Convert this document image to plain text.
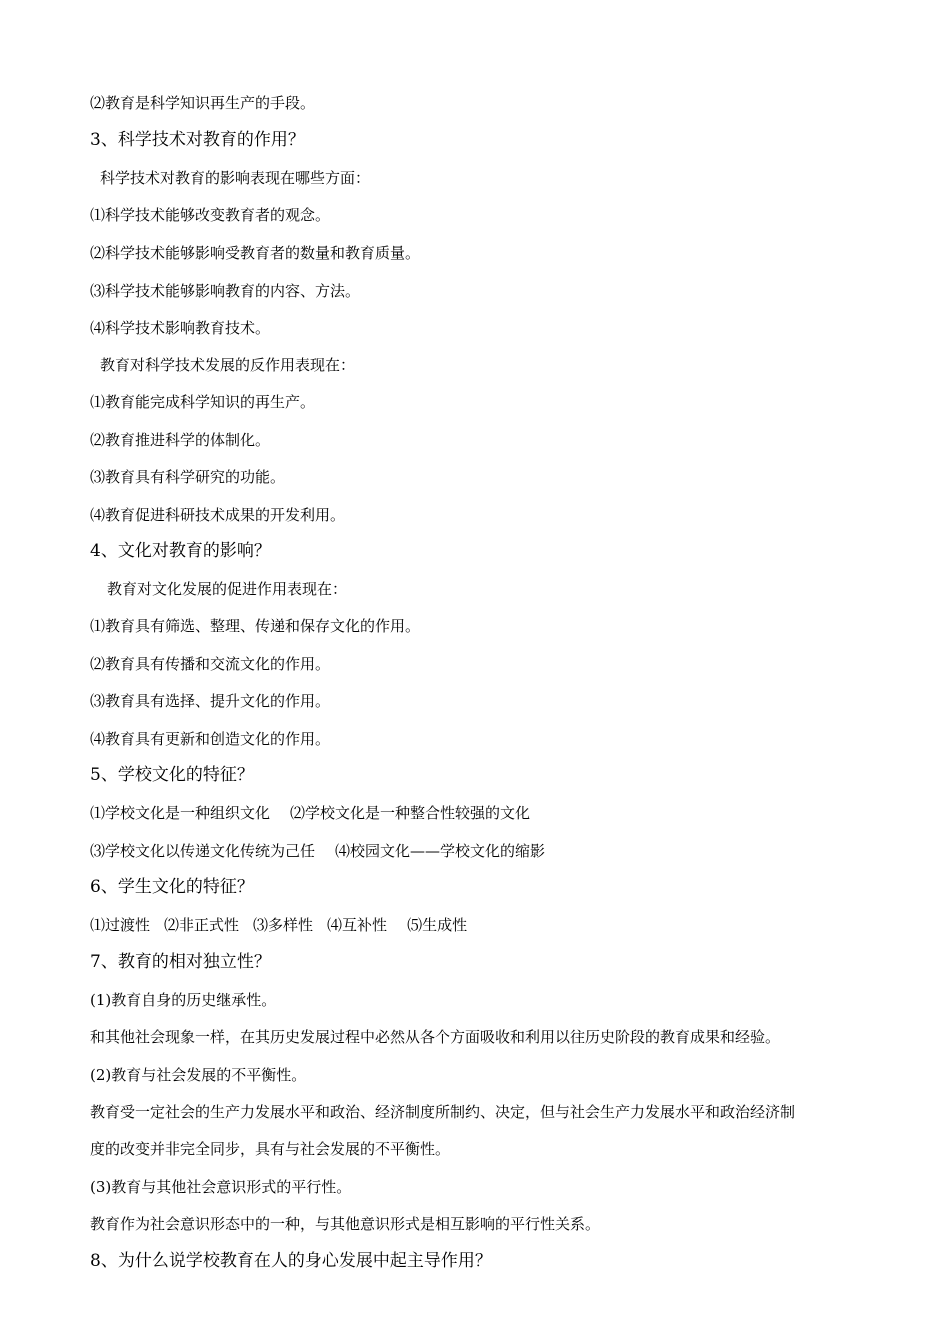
⑵教育是科学知识再生产的手段。
3、科学技术对教育的作用？
科学技术对教育的影响表现在哪些方面：
⑴科学技术能够改变教育者的观念。
⑵科学技术能够影响受教育者的数量和教育质量。
⑶科学技术能够影响教育的内容、方法。
⑷科学技术影响教育技术。
教育对科学技术发展的反作用表现在：
⑴教育能完成科学知识的再生产。
⑵教育推进科学的体制化。
⑶教育具有科学研究的功能。
⑷教育促进科研技术成果的开发利用。
4、文化对教育的影响？
教育对文化发展的促进作用表现在：
⑴教育具有筛选、整理、传递和保存文化的作用。
⑵教育具有传播和交流文化的作用。
⑶教育具有选择、提升文化的作用。
⑷教育具有更新和创造文化的作用。
5、学校文化的特征？
⑴学校文化是一种组织文化 ⑵学校文化是一种整合性较强的文化
⑶学校文化以传递文化传统为己任 ⑷校园文化——学校文化的缩影
6、学生文化的特征？
⑴过渡性 ⑵非正式性 ⑶多样性 ⑷互补性 ⑸生成性
7、教育的相对独立性？
(1)教育自身的历史继承性。
和其他社会现象一样，在其历史发展过程中必然从各个方面吸收和利用以往历史阶段的教育成果和经验。
(2)教育与社会发展的不平衡性。
教育受一定社会的生产力发展水平和政治、经济制度所制约、决定，但与社会生产力发展水平和政治经济制
度的改变并非完全同步，具有与社会发展的不平衡性。
(3)教育与其他社会意识形式的平行性。
教育作为社会意识形态中的一种，与其他意识形式是相互影响的平行性关系。
8、为什么说学校教育在人的身心发展中起主导作用？
